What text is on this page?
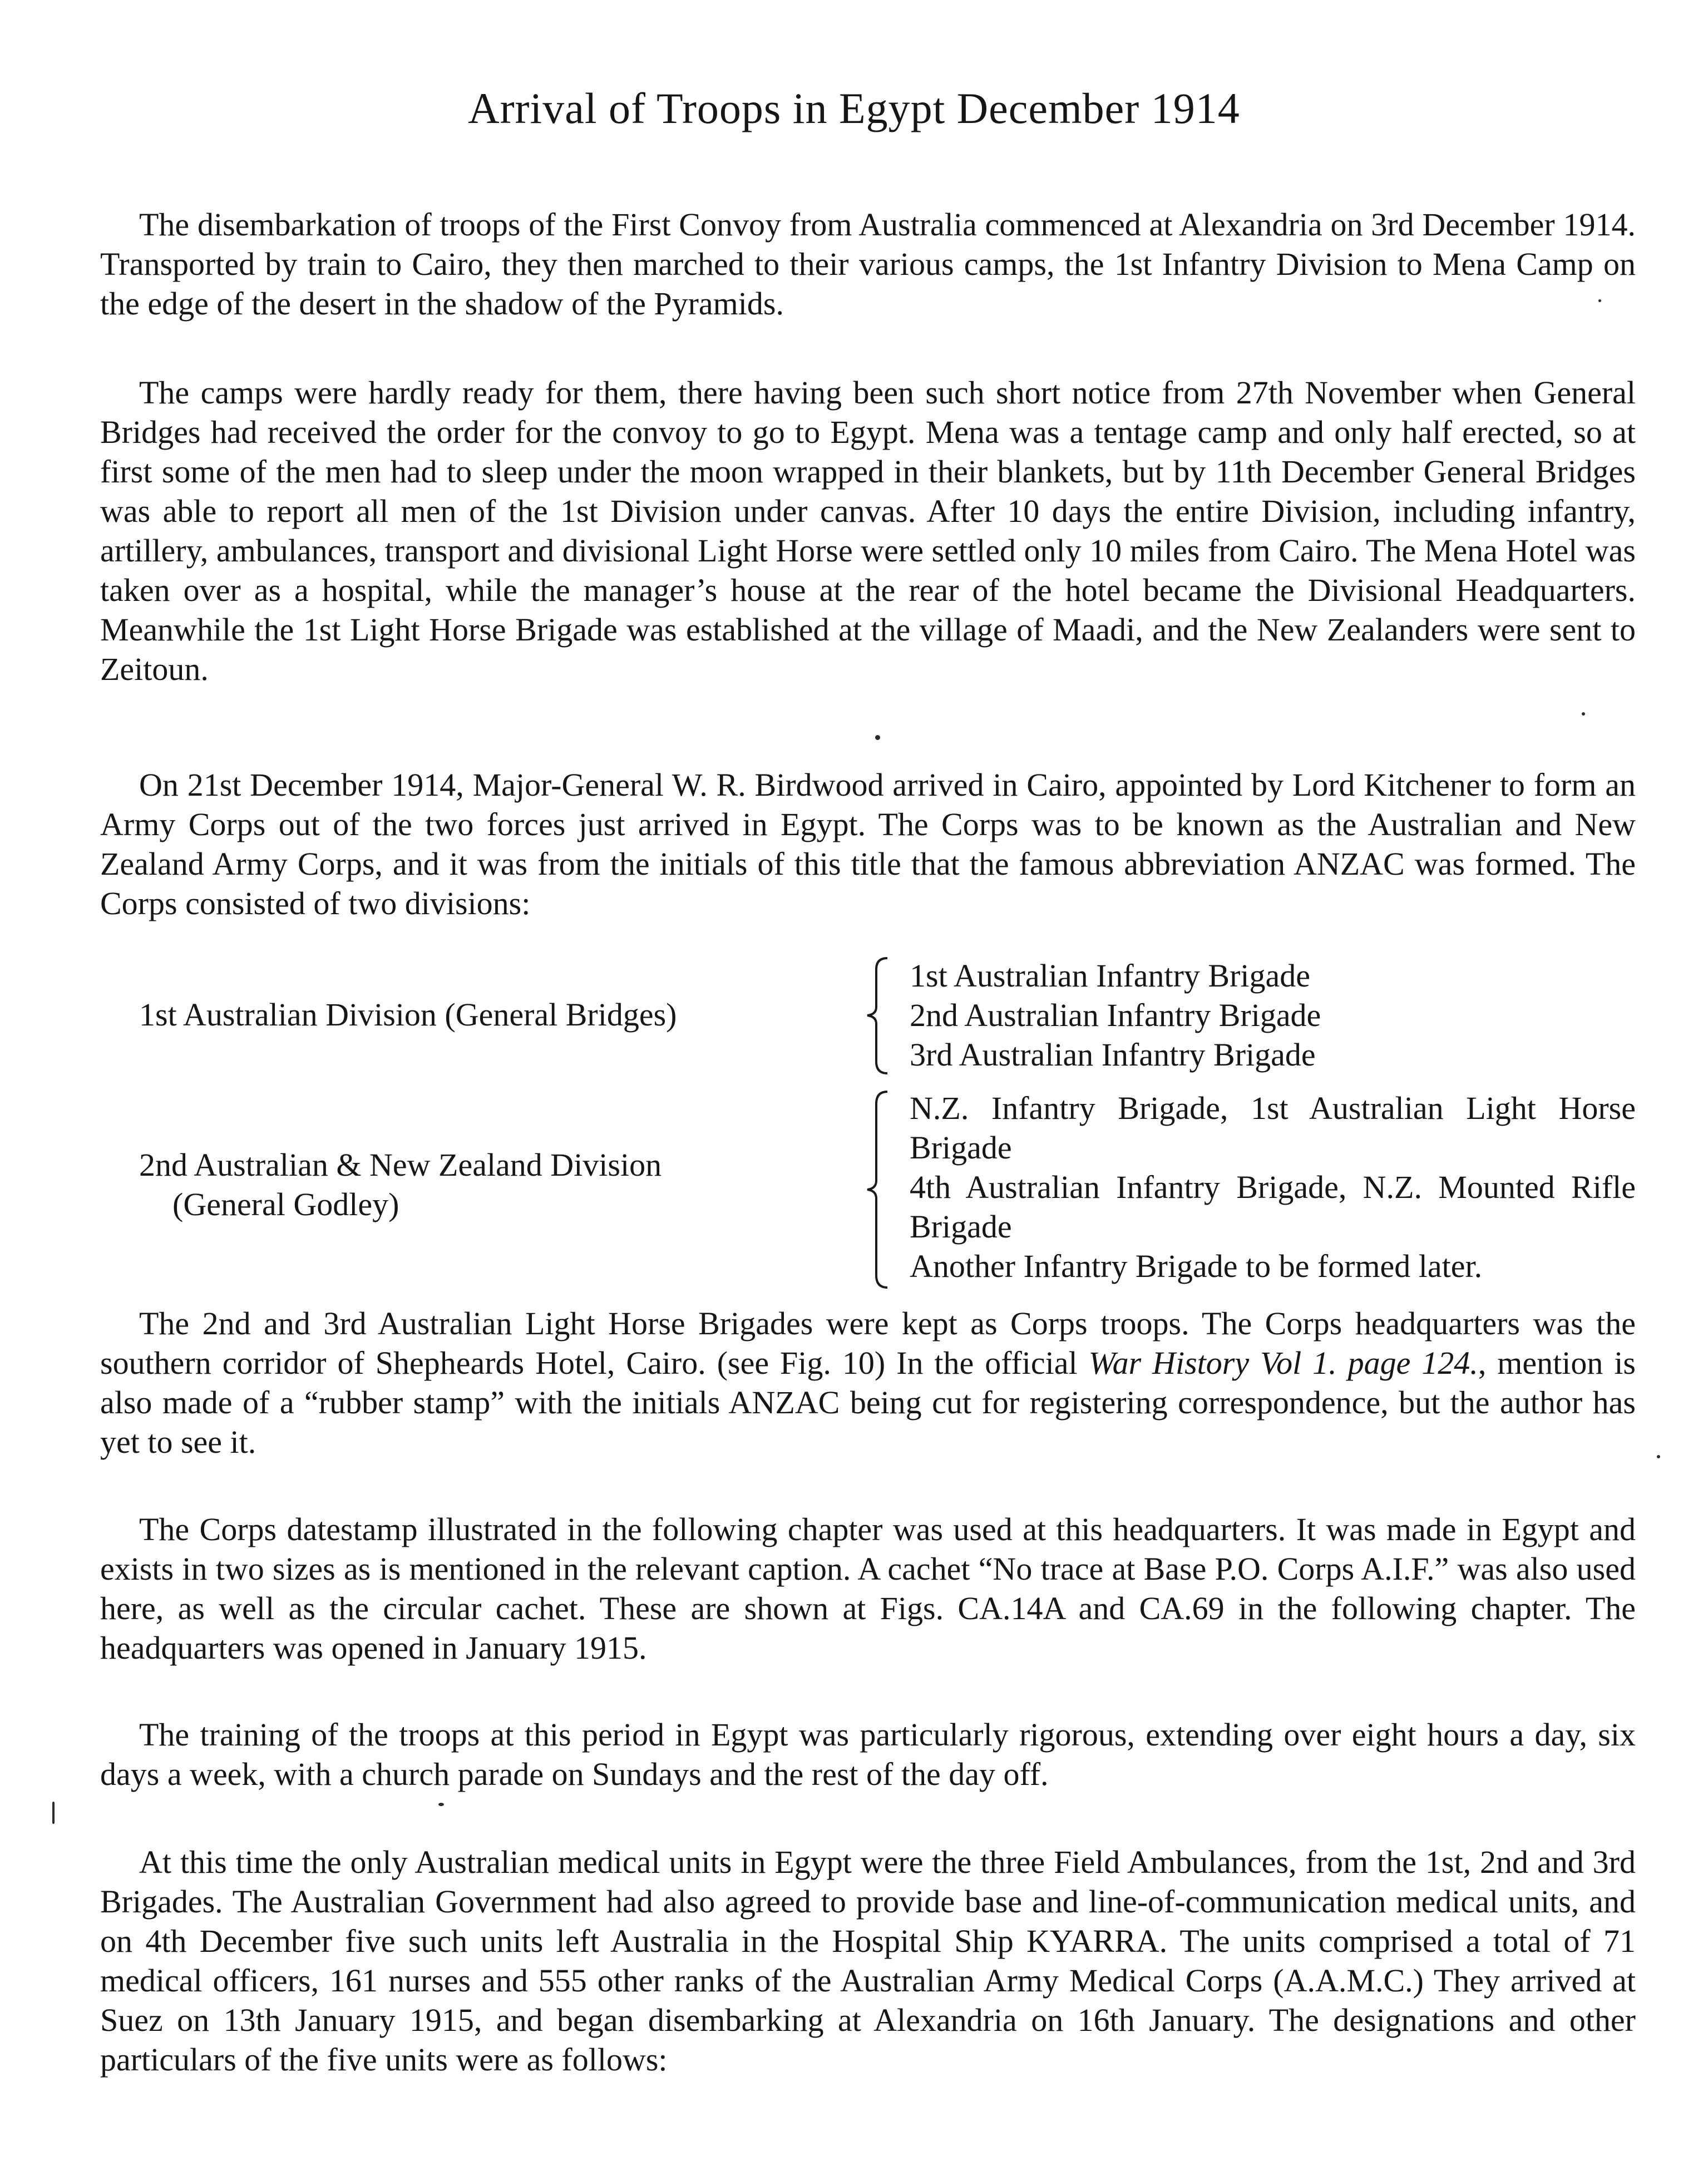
Arrival of Troops in Egypt December 1914

The disembarkation of troops of the First Convoy from Australia commenced at Alexandria on 3rd December 1914. Transported by train to Cairo, they then marched to their various camps, the 1st Infantry Division to Mena Camp on the edge of the desert in the shadow of the Pyramids.

The camps were hardly ready for them, there having been such short notice from 27th November when General Bridges had received the order for the convoy to go to Egypt. Mena was a tentage camp and only half erected, so at first some of the men had to sleep under the moon wrapped in their blankets, but by 11th December General Bridges was able to report all men of the 1st Division under canvas. After 10 days the entire Division, including infantry, artillery, ambulances, transport and divisional Light Horse were settled only 10 miles from Cairo. The Mena Hotel was taken over as a hospital, while the manager’s house at the rear of the hotel became the Divisional Headquarters. Meanwhile the 1st Light Horse Brigade was established at the village of Maadi, and the New Zealanders were sent to Zeitoun.

On 21st December 1914, Major-General W. R. Birdwood arrived in Cairo, appointed by Lord Kitchener to form an Army Corps out of the two forces just arrived in Egypt. The Corps was to be known as the Australian and New Zealand Army Corps, and it was from the initials of this title that the famous abbreviation ANZAC was formed. The Corps consisted of two divisions:

1st Australian Division (General Bridges)
1st Australian Infantry Brigade
2nd Australian Infantry Brigade
3rd Australian Infantry Brigade
2nd Australian & New Zealand Division
(General Godley)
N.Z. Infantry Brigade, 1st Australian Light Horse Brigade
4th Australian Infantry Brigade, N.Z. Mounted Rifle Brigade
Another Infantry Brigade to be formed later.

The 2nd and 3rd Australian Light Horse Brigades were kept as Corps troops. The Corps headquarters was the southern corridor of Shepheards Hotel, Cairo. (see Fig. 10) In the official War History Vol 1. page 124., mention is also made of a “rubber stamp” with the initials ANZAC being cut for registering correspondence, but the author has yet to see it.

The Corps datestamp illustrated in the following chapter was used at this headquarters. It was made in Egypt and exists in two sizes as is mentioned in the relevant caption. A cachet “No trace at Base P.O. Corps A.I.F.” was also used here, as well as the circular cachet. These are shown at Figs. CA.14A and CA.69 in the following chapter. The headquarters was opened in January 1915.

The training of the troops at this period in Egypt was particularly rigorous, extending over eight hours a day, six days a week, with a church parade on Sundays and the rest of the day off.

At this time the only Australian medical units in Egypt were the three Field Ambulances, from the 1st, 2nd and 3rd Brigades. The Australian Government had also agreed to provide base and line-of-communication medical units, and on 4th December five such units left Australia in the Hospital Ship KYARRA. The units comprised a total of 71 medical officers, 161 nurses and 555 other ranks of the Australian Army Medical Corps (A.A.M.C.) They arrived at Suez on 13th January 1915, and began disembarking at Alexandria on 16th January. The designations and other particulars of the five units were as follows:
